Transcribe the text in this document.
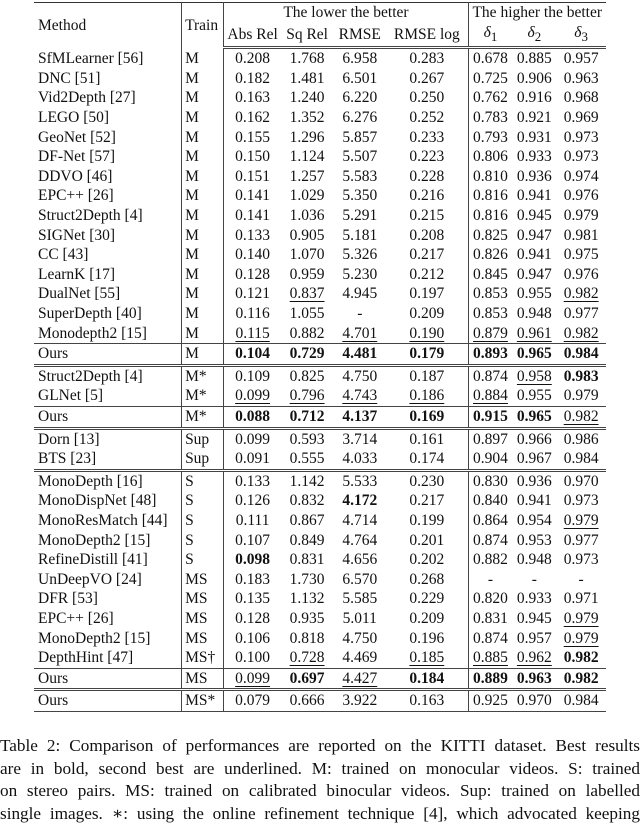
Method	Train	The lower the better				The higher the better		
		Abs Rel	Sq Rel	RMSE	RMSE log	$\delta_1$	$\delta_2$	$\delta_3$
SfMLearner [56]	M	0.208	1.768	6.958	0.283	0.678	0.885	0.957
DNC [51]	M	0.182	1.481	6.501	0.267	0.725	0.906	0.963
Vid2Depth [27]	M	0.163	1.240	6.220	0.250	0.762	0.916	0.968
LEGO [50]	M	0.162	1.352	6.276	0.252	0.783	0.921	0.969
GeoNet [52]	M	0.155	1.296	5.857	0.233	0.793	0.931	0.973
DF-Net [57]	M	0.150	1.124	5.507	0.223	0.806	0.933	0.973
DDVO [46]	M	0.151	1.257	5.583	0.228	0.810	0.936	0.974
EPC++ [26]	M	0.141	1.029	5.350	0.216	0.816	0.941	0.976
Struct2Depth [4]	M	0.141	1.036	5.291	0.215	0.816	0.945	0.979
SIGNet [30]	M	0.133	0.905	5.181	0.208	0.825	0.947	0.981
CC [43]	M	0.140	1.070	5.326	0.217	0.826	0.941	0.975
LearnK [17]	M	0.128	0.959	5.230	0.212	0.845	0.947	0.976
DualNet [55]	M	0.121	0.837	4.945	0.197	0.853	0.955	0.982
SuperDepth [40]	M	0.116	1.055	-	0.209	0.853	0.948	0.977
Monodepth2 [15]	M	0.115	0.882	4.701	0.190	0.879	0.961	0.982
Ours	M	0.104	0.729	4.481	0.179	0.893	0.965	0.984
Struct2Depth [4]	M*	0.109	0.825	4.750	0.187	0.874	0.958	0.983
GLNet [5]	M*	0.099	0.796	4.743	0.186	0.884	0.955	0.979
Ours	M*	0.088	0.712	4.137	0.169	0.915	0.965	0.982
Dorn [13]	Sup	0.099	0.593	3.714	0.161	0.897	0.966	0.986
BTS [23]	Sup	0.091	0.555	4.033	0.174	0.904	0.967	0.984
MonoDepth [16]	S	0.133	1.142	5.533	0.230	0.830	0.936	0.970
MonoDispNet [48]	S	0.126	0.832	4.172	0.217	0.840	0.941	0.973
MonoResMatch [44]	S	0.111	0.867	4.714	0.199	0.864	0.954	0.979
MonoDepth2 [15]	S	0.107	0.849	4.764	0.201	0.874	0.953	0.977
RefineDistill [41]	S	0.098	0.831	4.656	0.202	0.882	0.948	0.973
UnDeepVO [24]	MS	0.183	1.730	6.570	0.268	-	-	-
DFR [53]	MS	0.135	1.132	5.585	0.229	0.820	0.933	0.971
EPC++ [26]	MS	0.128	0.935	5.011	0.209	0.831	0.945	0.979
MonoDepth2 [15]	MS	0.106	0.818	4.750	0.196	0.874	0.957	0.979
DepthHint [47]	MS†	0.100	0.728	4.469	0.185	0.885	0.962	0.982
Ours	MS	0.099	0.697	4.427	0.184	0.889	0.963	0.982
Ours	MS*	0.079	0.666	3.922	0.163	0.925	0.970	0.984
Table 2: Comparison of performances are reported on the KITTI dataset. Best results
are in bold, second best are underlined. M: trained on monocular videos. S: trained
on stereo pairs. MS: trained on calibrated binocular videos. Sup: trained on labelled
single images. ∗: using the online refinement technique [4], which advocated keeping
